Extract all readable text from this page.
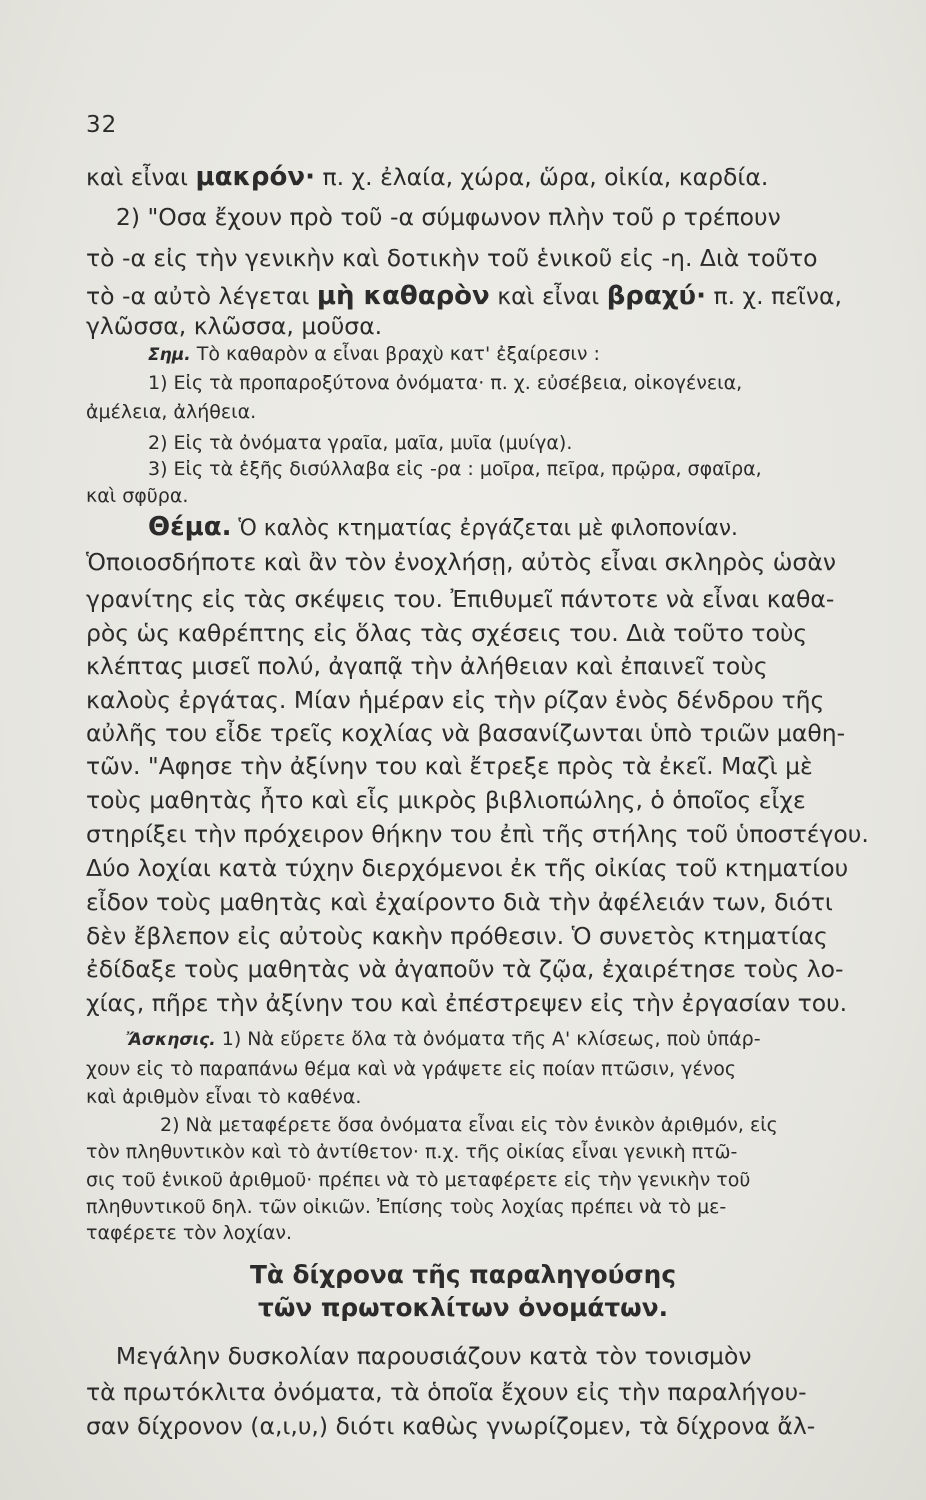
32
καὶ εἶναι μακρόν· π. χ. ἐλαία, χώρα, ὥρα, οἰκία, καρδία.
2) "Οσα ἔχουν πρὸ τοῦ -α σύμφωνον πλὴν τοῦ ρ τρέπουν
τὸ -α εἰς τὴν γενικὴν καὶ δοτικὴν τοῦ ἑνικοῦ εἰς -η. Διὰ τοῦτο
τὸ -α αὐτὸ λέγεται μὴ καθαρὸν καὶ εἶναι βραχύ· π. χ. πεῖνα,
γλῶσσα, κλῶσσα, μοῦσα.
Σημ. Τὸ καθαρὸν α εἶναι βραχὺ κατ' ἐξαίρεσιν :
1) Εἰς τὰ προπαροξύτονα ὀνόματα· π. χ. εὐσέβεια, οἰκογένεια,
ἀμέλεια, ἀλήθεια.
2) Εἰς τὰ ὀνόματα γραῖα, μαῖα, μυῖα (μυίγα).
3) Εἰς τὰ ἑξῆς δισύλλαβα εἰς -ρα : μοῖρα, πεῖρα, πρῷρα, σφαῖρα,
καὶ σφῦρα.
Θέμα. Ὁ καλὸς κτηματίας ἐργάζεται μὲ φιλοπονίαν.
Ὁποιοσδήποτε καὶ ἂν τὸν ἐνοχλήσῃ, αὐτὸς εἶναι σκληρὸς ὡσὰν
γρανίτης εἰς τὰς σκέψεις του. Ἐπιθυμεῖ πάντοτε νὰ εἶναι καθα-
ρὸς ὡς καθρέπτης εἰς ὅλας τὰς σχέσεις του. Διὰ τοῦτο τοὺς
κλέπτας μισεῖ πολύ, ἀγαπᾷ τὴν ἀλήθειαν καὶ ἐπαινεῖ τοὺς
καλοὺς ἐργάτας. Μίαν ἡμέραν εἰς τὴν ρίζαν ἑνὸς δένδρου τῆς
αὐλῆς του εἶδε τρεῖς κοχλίας νὰ βασανίζωνται ὑπὸ τριῶν μαθη-
τῶν. "Αφησε τὴν ἀξίνην του καὶ ἔτρεξε πρὸς τὰ ἐκεῖ. Μαζὶ μὲ
τοὺς μαθητὰς ἦτο καὶ εἷς μικρὸς βιβλιοπώλης, ὁ ὁποῖος εἶχε
στηρίξει τὴν πρόχειρον θήκην του ἐπὶ τῆς στήλης τοῦ ὑποστέγου.
Δύο λοχίαι κατὰ τύχην διερχόμενοι ἐκ τῆς οἰκίας τοῦ κτηματίου
εἶδον τοὺς μαθητὰς καὶ ἐχαίροντο διὰ τὴν ἀφέλειάν των, διότι
δὲν ἔβλεπον εἰς αὐτοὺς κακὴν πρόθεσιν. Ὁ συνετὸς κτηματίας
ἐδίδαξε τοὺς μαθητὰς νὰ ἀγαποῦν τὰ ζῷα, ἐχαιρέτησε τοὺς λο-
χίας, πῆρε τὴν ἀξίνην του καὶ ἐπέστρεψεν εἰς τὴν ἐργασίαν του.
Ἄσκησις. 1) Νὰ εὕρετε ὅλα τὰ ὀνόματα τῆς Α' κλίσεως, ποὺ ὑπάρ-
χουν εἰς τὸ παραπάνω θέμα καὶ νὰ γράψετε εἰς ποίαν πτῶσιν, γένος
καὶ ἀριθμὸν εἶναι τὸ καθένα.
2) Νὰ μεταφέρετε ὅσα ὀνόματα εἶναι εἰς τὸν ἑνικὸν ἀριθμόν, εἰς
τὸν πληθυντικὸν καὶ τὸ ἀντίθετον· π.χ. τῆς οἰκίας εἶναι γενικὴ πτῶ-
σις τοῦ ἑνικοῦ ἀριθμοῦ· πρέπει νὰ τὸ μεταφέρετε εἰς τὴν γενικὴν τοῦ
πληθυντικοῦ δηλ. τῶν οἰκιῶν. Ἐπίσης τοὺς λοχίας πρέπει νὰ τὸ με-
ταφέρετε τὸν λοχίαν.
Τὰ δίχρονα τῆς παραληγούσης
τῶν πρωτοκλίτων ὀνομάτων.
Μεγάλην δυσκολίαν παρουσιάζουν κατὰ τὸν τονισμὸν
τὰ πρωτόκλιτα ὀνόματα, τὰ ὁποῖα ἔχουν εἰς τὴν παραλήγου-
σαν δίχρονον (α,ι,υ,) διότι καθὼς γνωρίζομεν, τὰ δίχρονα ἄλ-
